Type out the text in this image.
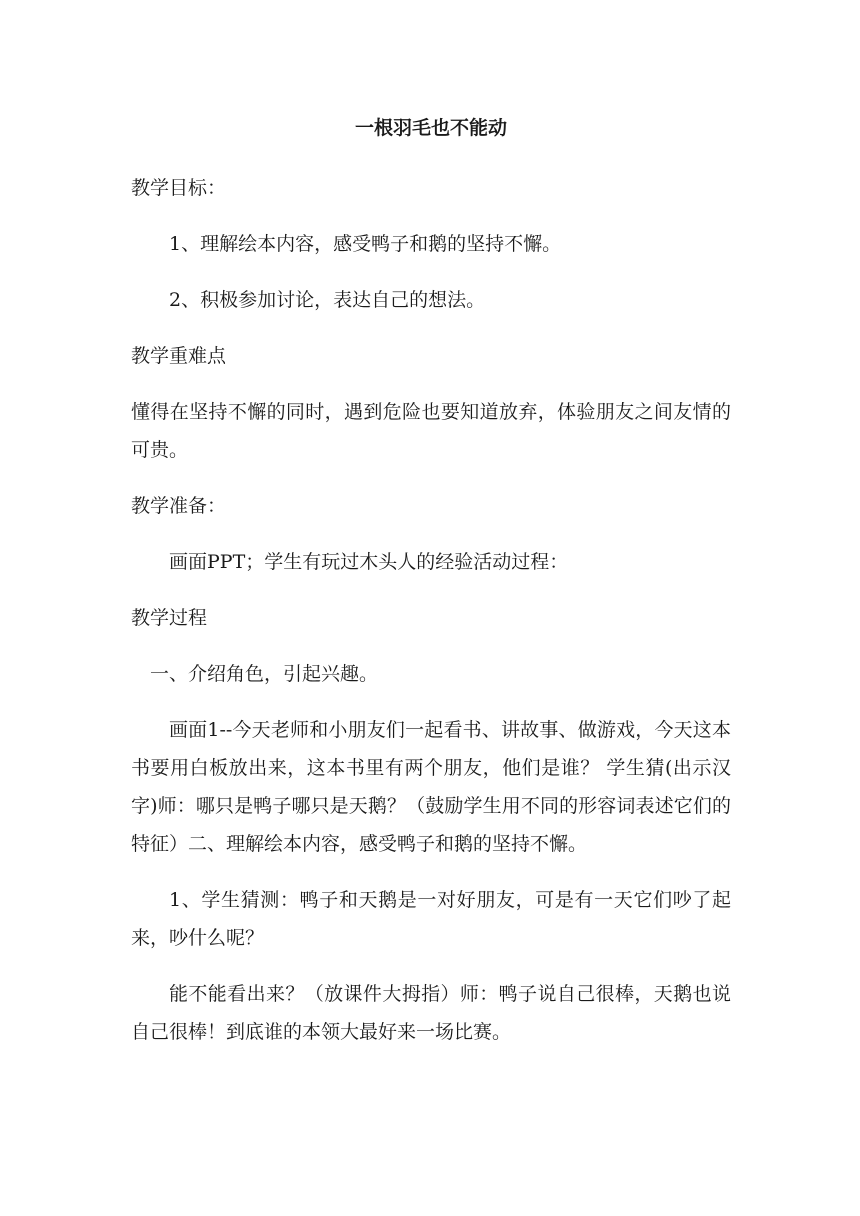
一根羽毛也不能动
教学目标：
1、理解绘本内容，感受鸭子和鹅的坚持不懈。
2、积极参加讨论，表达自己的想法。
教学重难点
懂得在坚持不懈的同时，遇到危险也要知道放弃，体验朋友之间友情的可贵。
教学准备：
画面PPT；学生有玩过木头人的经验活动过程：
教学过程
一、介绍角色，引起兴趣。
画面1--今天老师和小朋友们一起看书、讲故事、做游戏，今天这本书要用白板放出来，这本书里有两个朋友，他们是谁？ 学生猜(出示汉字)师：哪只是鸭子哪只是天鹅？（鼓励学生用不同的形容词表述它们的特征）二、理解绘本内容，感受鸭子和鹅的坚持不懈。
1、学生猜测：鸭子和天鹅是一对好朋友，可是有一天它们吵了起来，吵什么呢？
能不能看出来？（放课件大拇指）师：鸭子说自己很棒，天鹅也说自己很棒！到底谁的本领大最好来一场比赛。
